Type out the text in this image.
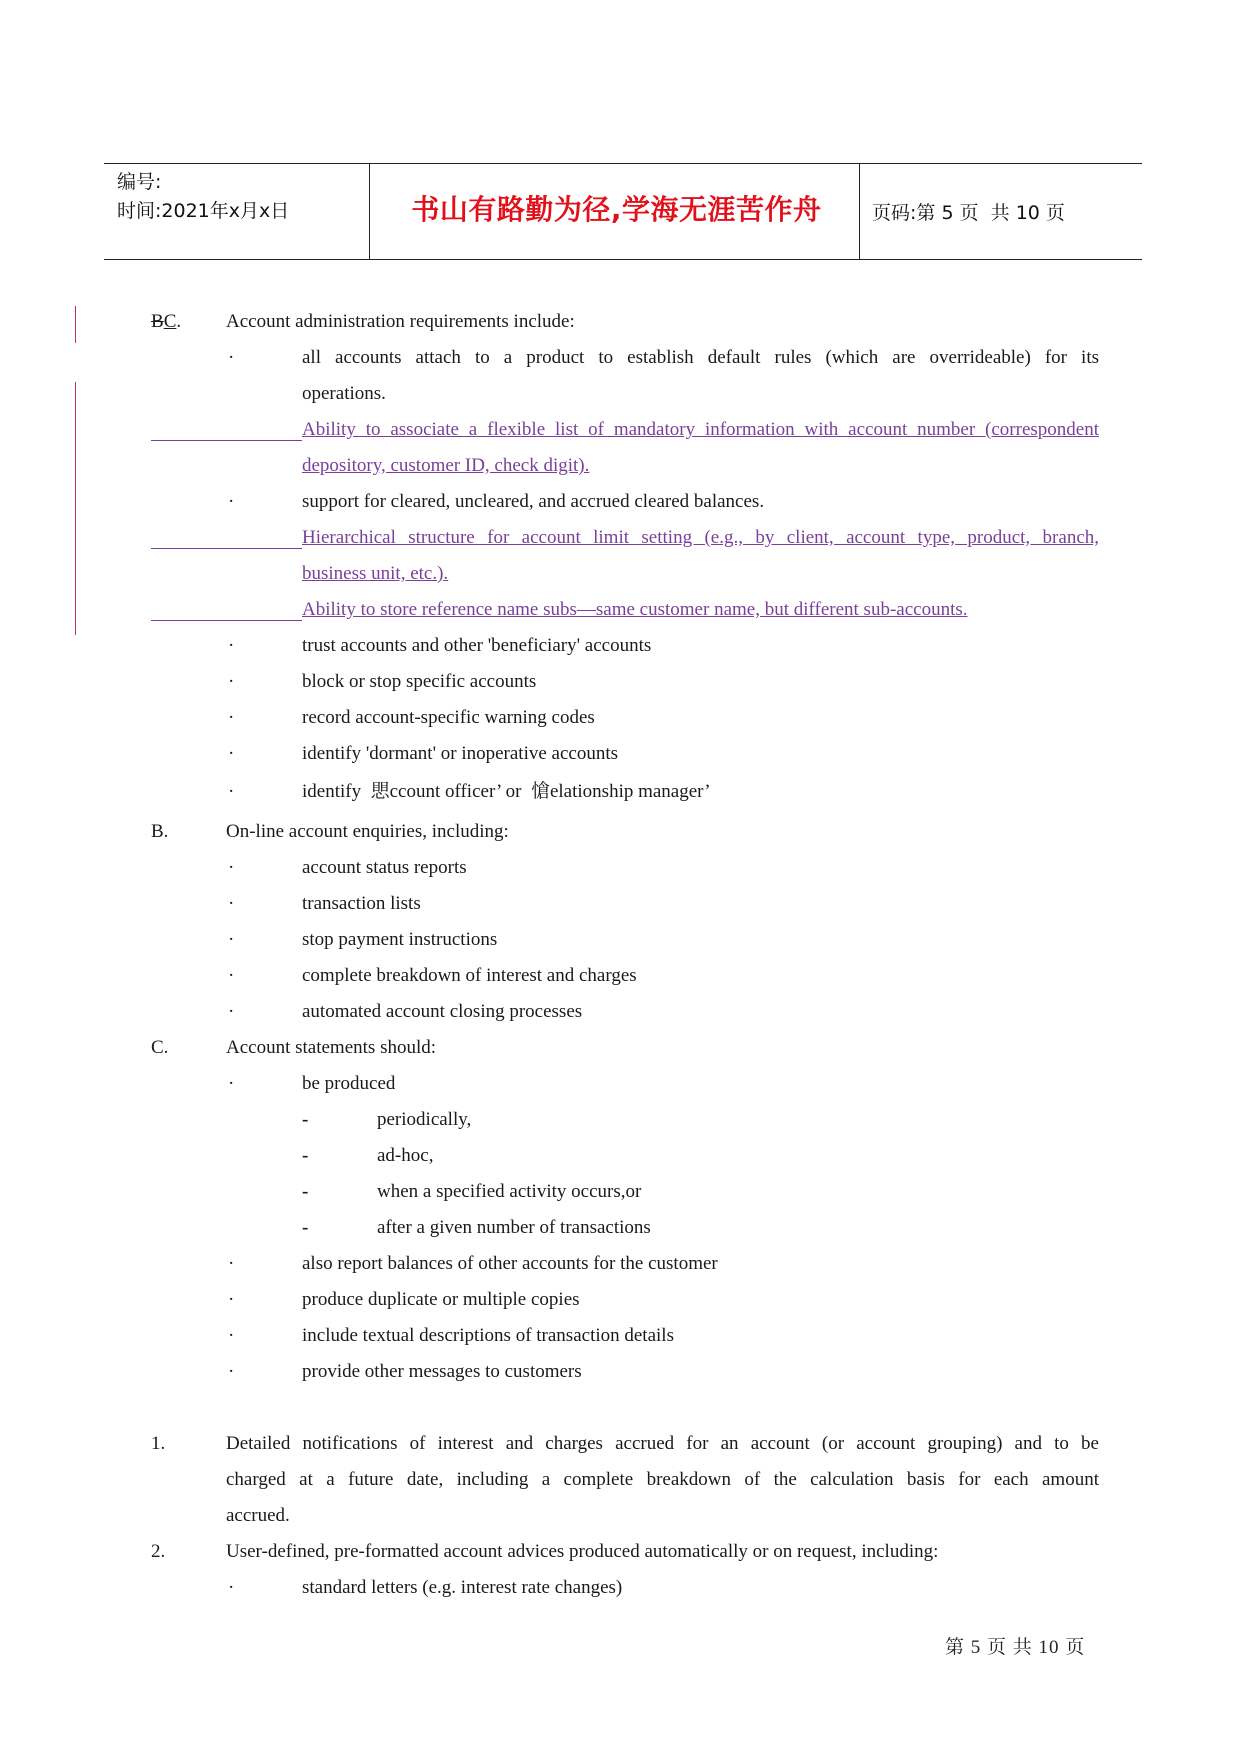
编号:
时间:2021年x月x日	书山有路勤为径,学海无涯苦作舟	页码:第 5 页  共 10 页
BC. Account administration requirements include:
·	all accounts attach to a product to establish default rules (which are overrideable) for its
operations.
Ability to associate a flexible list of mandatory information with account number (correspondent
depository, customer ID, check digit).
·	support for cleared, uncleared, and accrued cleared balances.
Hierarchical structure for account limit setting (e.g., by client, account type, product, branch,
business unit, etc.).
Ability to store reference name subs—same customer name, but different sub-accounts.
·	trust accounts and other 'beneficiary' accounts
·	block or stop specific accounts
·	record account-specific warning codes
·	identify 'dormant' or inoperative accounts
·	identify  愳ccount officer’ or  愴elationship manager’
B.	On-line account enquiries, including:
·	account status reports
·	transaction lists
·	stop payment instructions
·	complete breakdown of interest and charges
·	automated account closing processes
C.	Account statements should:
·	be produced
-	periodically,
-	ad-hoc,
-	when a specified activity occurs,or
-	after a given number of transactions
·	also report balances of other accounts for the customer
·	produce duplicate or multiple copies
·	include textual descriptions of transaction details
·	provide other messages to customers
1.	Detailed notifications of interest and charges accrued for an account (or account grouping) and to be
charged at a future date, including a complete breakdown of the calculation basis for each amount
accrued.
2.	User-defined, pre-formatted account advices produced automatically or on request, including:
·	standard letters (e.g. interest rate changes)
第 5 页 共 10 页
